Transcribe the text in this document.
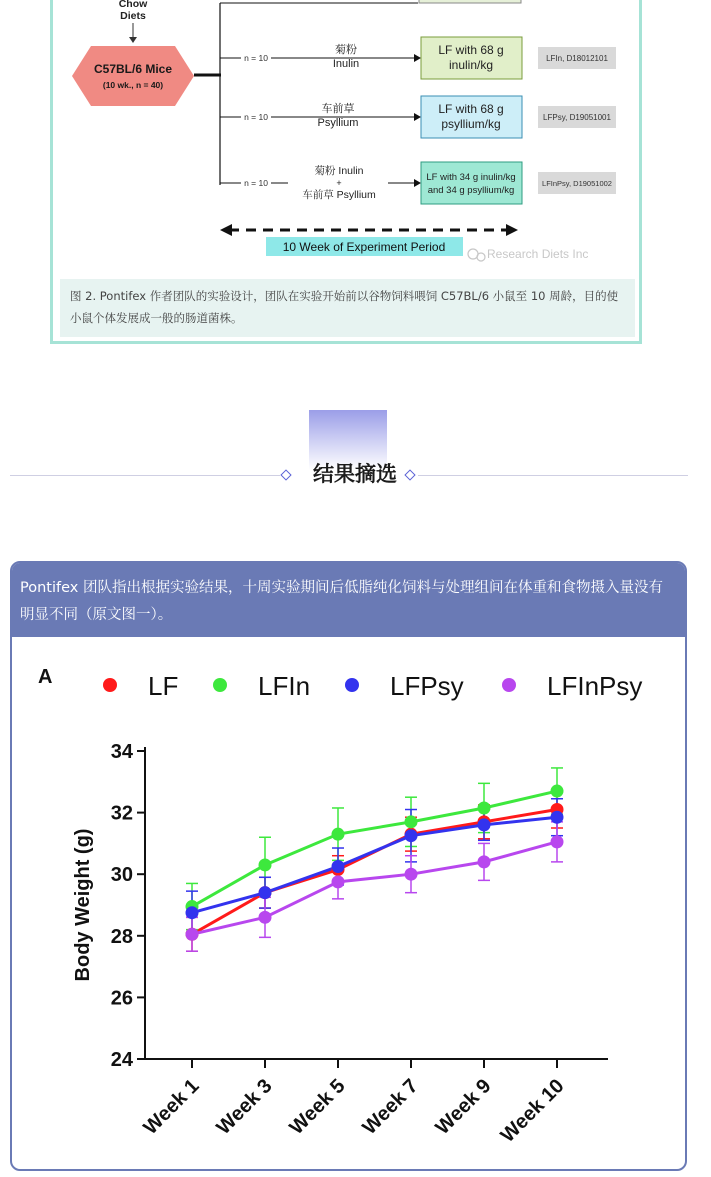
Chow
Diets
C57BL/6 Mice
(10 wk., n = 40)
n = 10
菊粉
Inulin
LF with 68 g
inulin/kg	LFIn, D18012101
n = 10
车前草
Psyllium
LF with 68 g
psyllium/kg	LFPsy, D19051001
n = 10
菊粉 Inulin
+
车前草 Psyllium
LF with 34 g inulin/kg
and 34 g psyllium/kg
LFInPsy, D19051002
10 Week of Experiment Period	Research Diets Inc
图 2. Pontifex 作者团队的实验设计，团队在实验开始前以谷物饲料喂饲 C57BL/6 小鼠至 10 周龄，目的使小鼠个体发展成一般的肠道菌株。
结果摘选
Pontifex 团队指出根据实验结果，十周实验期间后低脂纯化饲料与处理组间在体重和食物摄入量没有明显不同（原文图一）。
A	LF	LFIn	LFPsy	LFInPsy
24
26
28
30
32
34
Body Weight (g)
Week 1 Week 3 Week 5 Week 7 Week 9 Week 10
